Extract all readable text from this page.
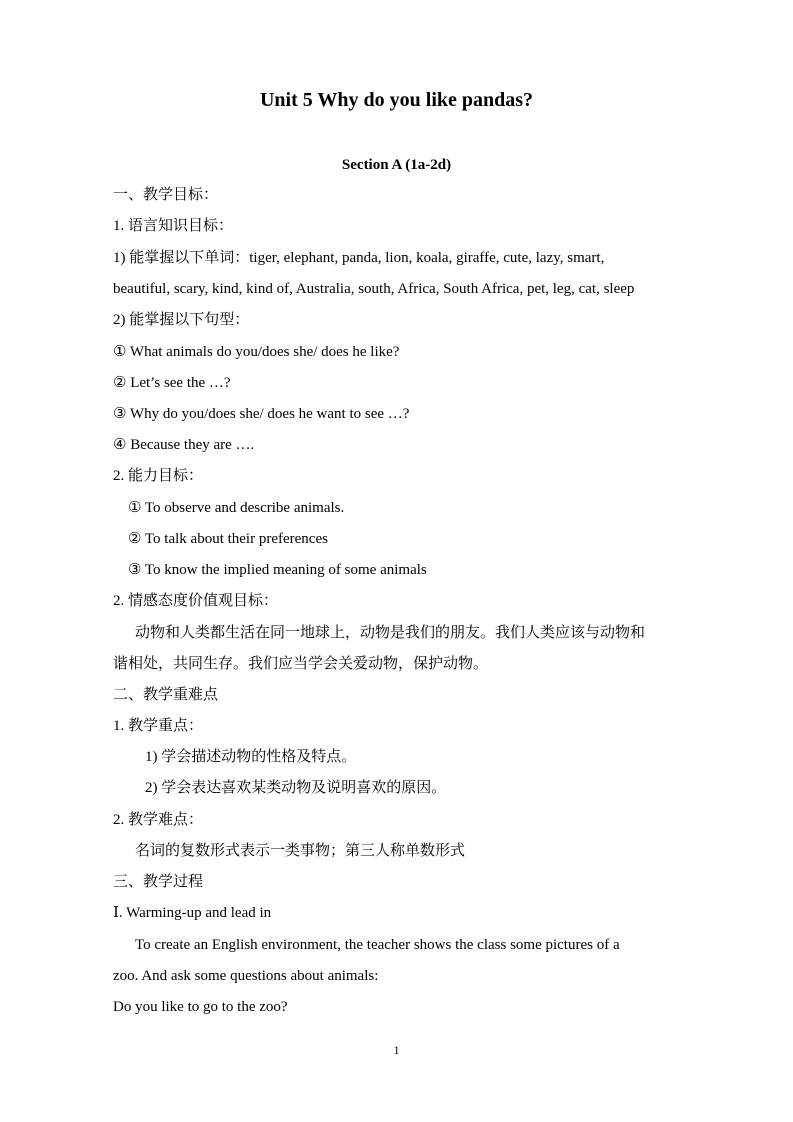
Unit 5 Why do you like pandas?
Section A (1a-2d)
一、教学目标：
1. 语言知识目标：
1) 能掌握以下单词：tiger, elephant, panda, lion, koala, giraffe, cute, lazy, smart,
beautiful, scary, kind, kind of, Australia, south, Africa, South Africa, pet, leg, cat, sleep
2) 能掌握以下句型：
① What animals do you/does she/ does he like?
② Let’s see the …?
③ Why do you/does she/ does he want to see …?
④ Because they are ….
2. 能力目标：
① To observe and describe animals.
② To talk about their preferences
③ To know the implied meaning of some animals
2. 情感态度价值观目标：
动物和人类都生活在同一地球上，动物是我们的朋友。我们人类应该与动物和
谐相处，共同生存。我们应当学会关爱动物，保护动物。
二、教学重难点
1. 教学重点：
1) 学会描述动物的性格及特点。
2) 学会表达喜欢某类动物及说明喜欢的原因。
2. 教学难点：
名词的复数形式表示一类事物；第三人称单数形式
三、教学过程
Ⅰ. Warming-up and lead in
To create an English environment, the teacher shows the class some pictures of a
zoo. And ask some questions about animals:
Do you like to go to the zoo?
1
